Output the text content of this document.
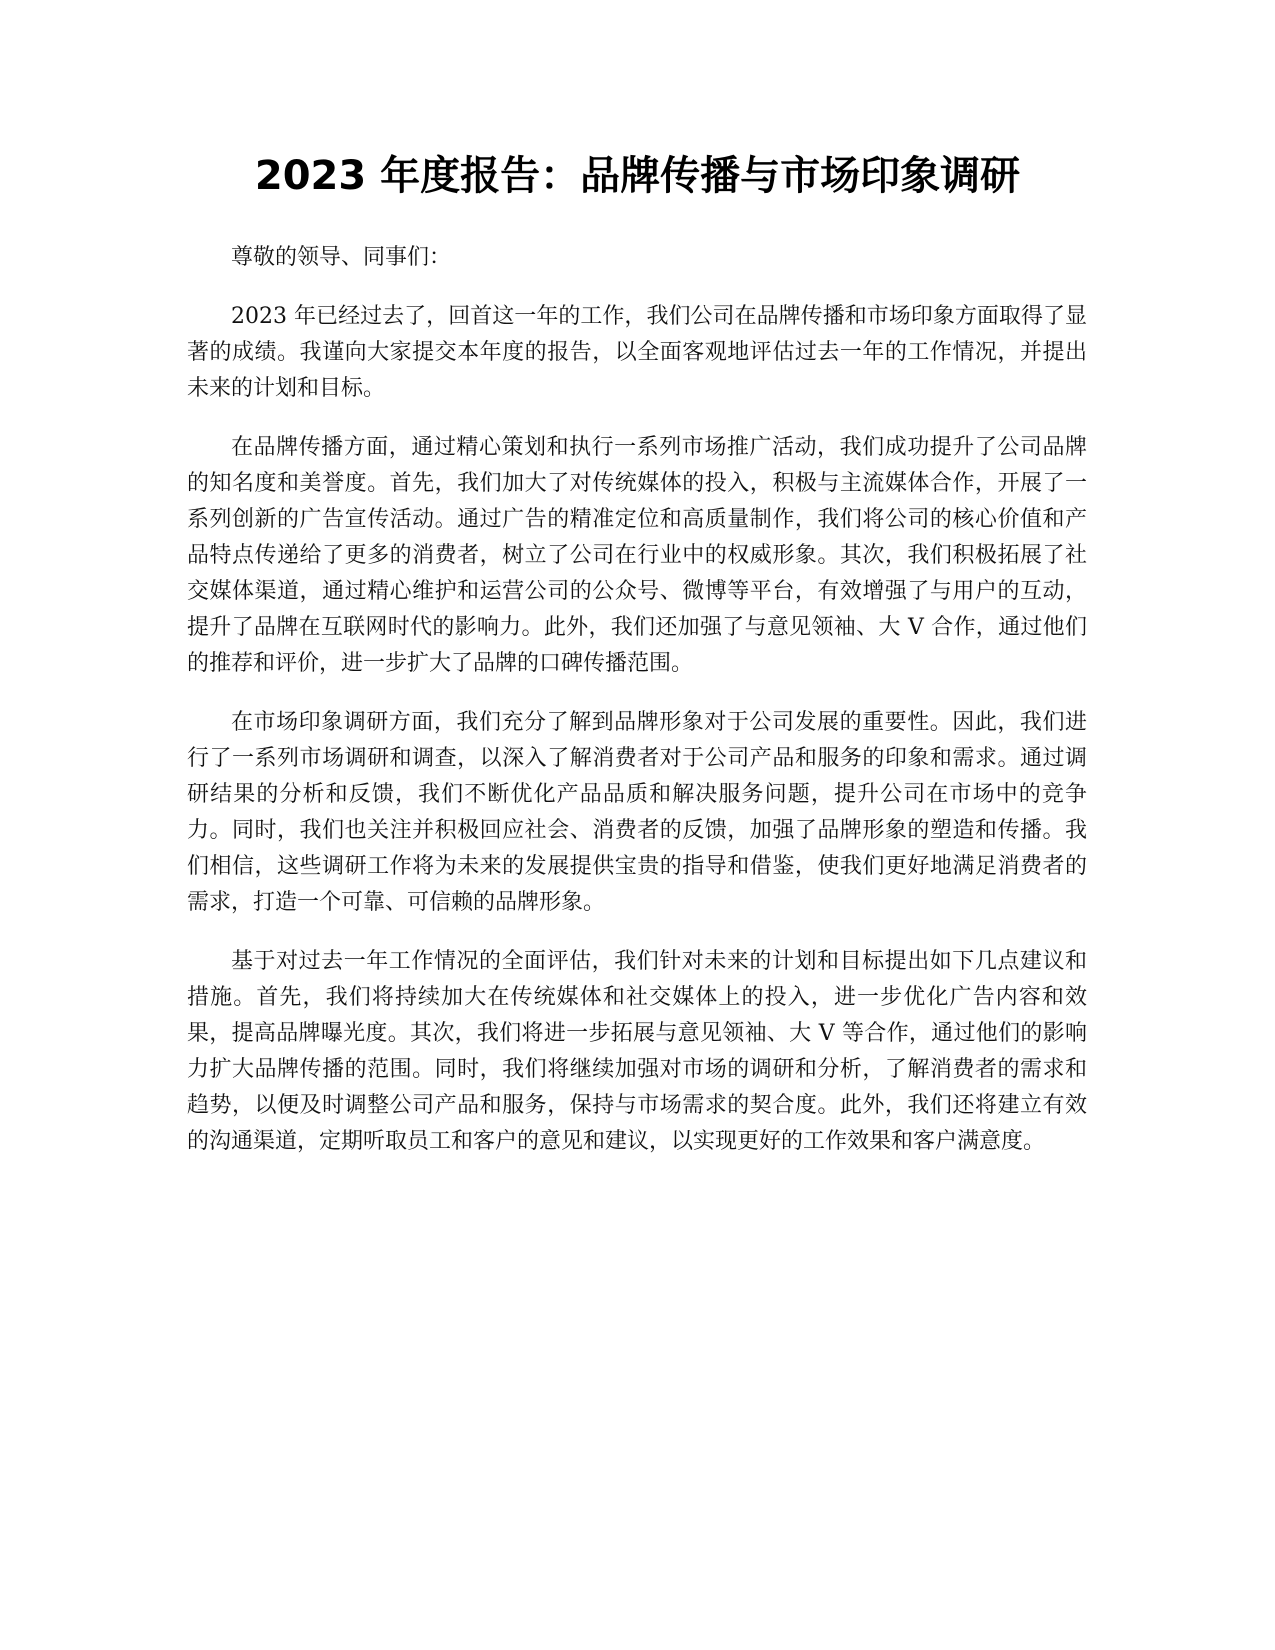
2023 年度报告：品牌传播与市场印象调研

尊敬的领导、同事们：

2023 年已经过去了，回首这一年的工作，我们公司在品牌传播和市场印象方面取得了显著的成绩。我谨向大家提交本年度的报告，以全面客观地评估过去一年的工作情况，并提出未来的计划和目标。

在品牌传播方面，通过精心策划和执行一系列市场推广活动，我们成功提升了公司品牌的知名度和美誉度。首先，我们加大了对传统媒体的投入，积极与主流媒体合作，开展了一系列创新的广告宣传活动。通过广告的精准定位和高质量制作，我们将公司的核心价值和产品特点传递给了更多的消费者，树立了公司在行业中的权威形象。其次，我们积极拓展了社交媒体渠道，通过精心维护和运营公司的公众号、微博等平台，有效增强了与用户的互动，提升了品牌在互联网时代的影响力。此外，我们还加强了与意见领袖、大 V 合作，通过他们的推荐和评价，进一步扩大了品牌的口碑传播范围。

在市场印象调研方面，我们充分了解到品牌形象对于公司发展的重要性。因此，我们进行了一系列市场调研和调查，以深入了解消费者对于公司产品和服务的印象和需求。通过调研结果的分析和反馈，我们不断优化产品品质和解决服务问题，提升公司在市场中的竞争力。同时，我们也关注并积极回应社会、消费者的反馈，加强了品牌形象的塑造和传播。我们相信，这些调研工作将为未来的发展提供宝贵的指导和借鉴，使我们更好地满足消费者的需求，打造一个可靠、可信赖的品牌形象。

基于对过去一年工作情况的全面评估，我们针对未来的计划和目标提出如下几点建议和措施。首先，我们将持续加大在传统媒体和社交媒体上的投入，进一步优化广告内容和效果，提高品牌曝光度。其次，我们将进一步拓展与意见领袖、大 V 等合作，通过他们的影响力扩大品牌传播的范围。同时，我们将继续加强对市场的调研和分析，了解消费者的需求和趋势，以便及时调整公司产品和服务，保持与市场需求的契合度。此外，我们还将建立有效的沟通渠道，定期听取员工和客户的意见和建议，以实现更好的工作效果和客户满意度。
